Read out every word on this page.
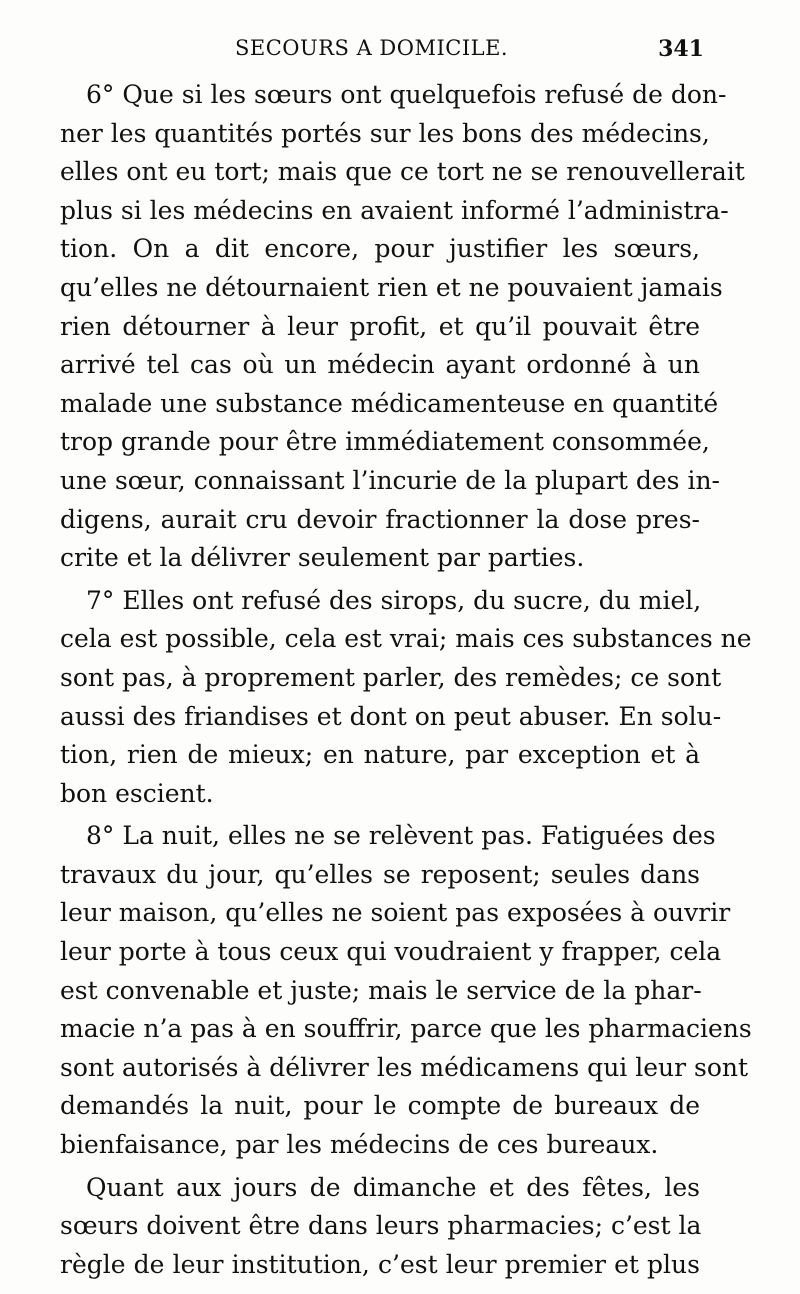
SECOURS A DOMICILE.	341
6° Que si les sœurs ont quelquefois refusé de don-
ner les quantités portés sur les bons des médecins,
elles ont eu tort; mais que ce tort ne se renouvellerait
plus si les médecins en avaient informé l’administra-
tion. On a dit encore, pour justifier les sœurs,
qu’elles ne détournaient rien et ne pouvaient jamais
rien détourner à leur profit, et qu’il pouvait être
arrivé tel cas où un médecin ayant ordonné à un
malade une substance médicamenteuse en quantité
trop grande pour être immédiatement consommée,
une sœur, connaissant l’incurie de la plupart des in-
digens, aurait cru devoir fractionner la dose pres-
crite et la délivrer seulement par parties.
7° Elles ont refusé des sirops, du sucre, du miel,
cela est possible, cela est vrai; mais ces substances ne
sont pas, à proprement parler, des remèdes; ce sont
aussi des friandises et dont on peut abuser. En solu-
tion, rien de mieux; en nature, par exception et à
bon escient.
8° La nuit, elles ne se relèvent pas. Fatiguées des
travaux du jour, qu’elles se reposent; seules dans
leur maison, qu’elles ne soient pas exposées à ouvrir
leur porte à tous ceux qui voudraient y frapper, cela
est convenable et juste; mais le service de la phar-
macie n’a pas à en souffrir, parce que les pharmaciens
sont autorisés à délivrer les médicamens qui leur sont
demandés la nuit, pour le compte de bureaux de
bienfaisance, par les médecins de ces bureaux.
Quant aux jours de dimanche et des fêtes, les
sœurs doivent être dans leurs pharmacies; c’est la
règle de leur institution, c’est leur premier et plus
